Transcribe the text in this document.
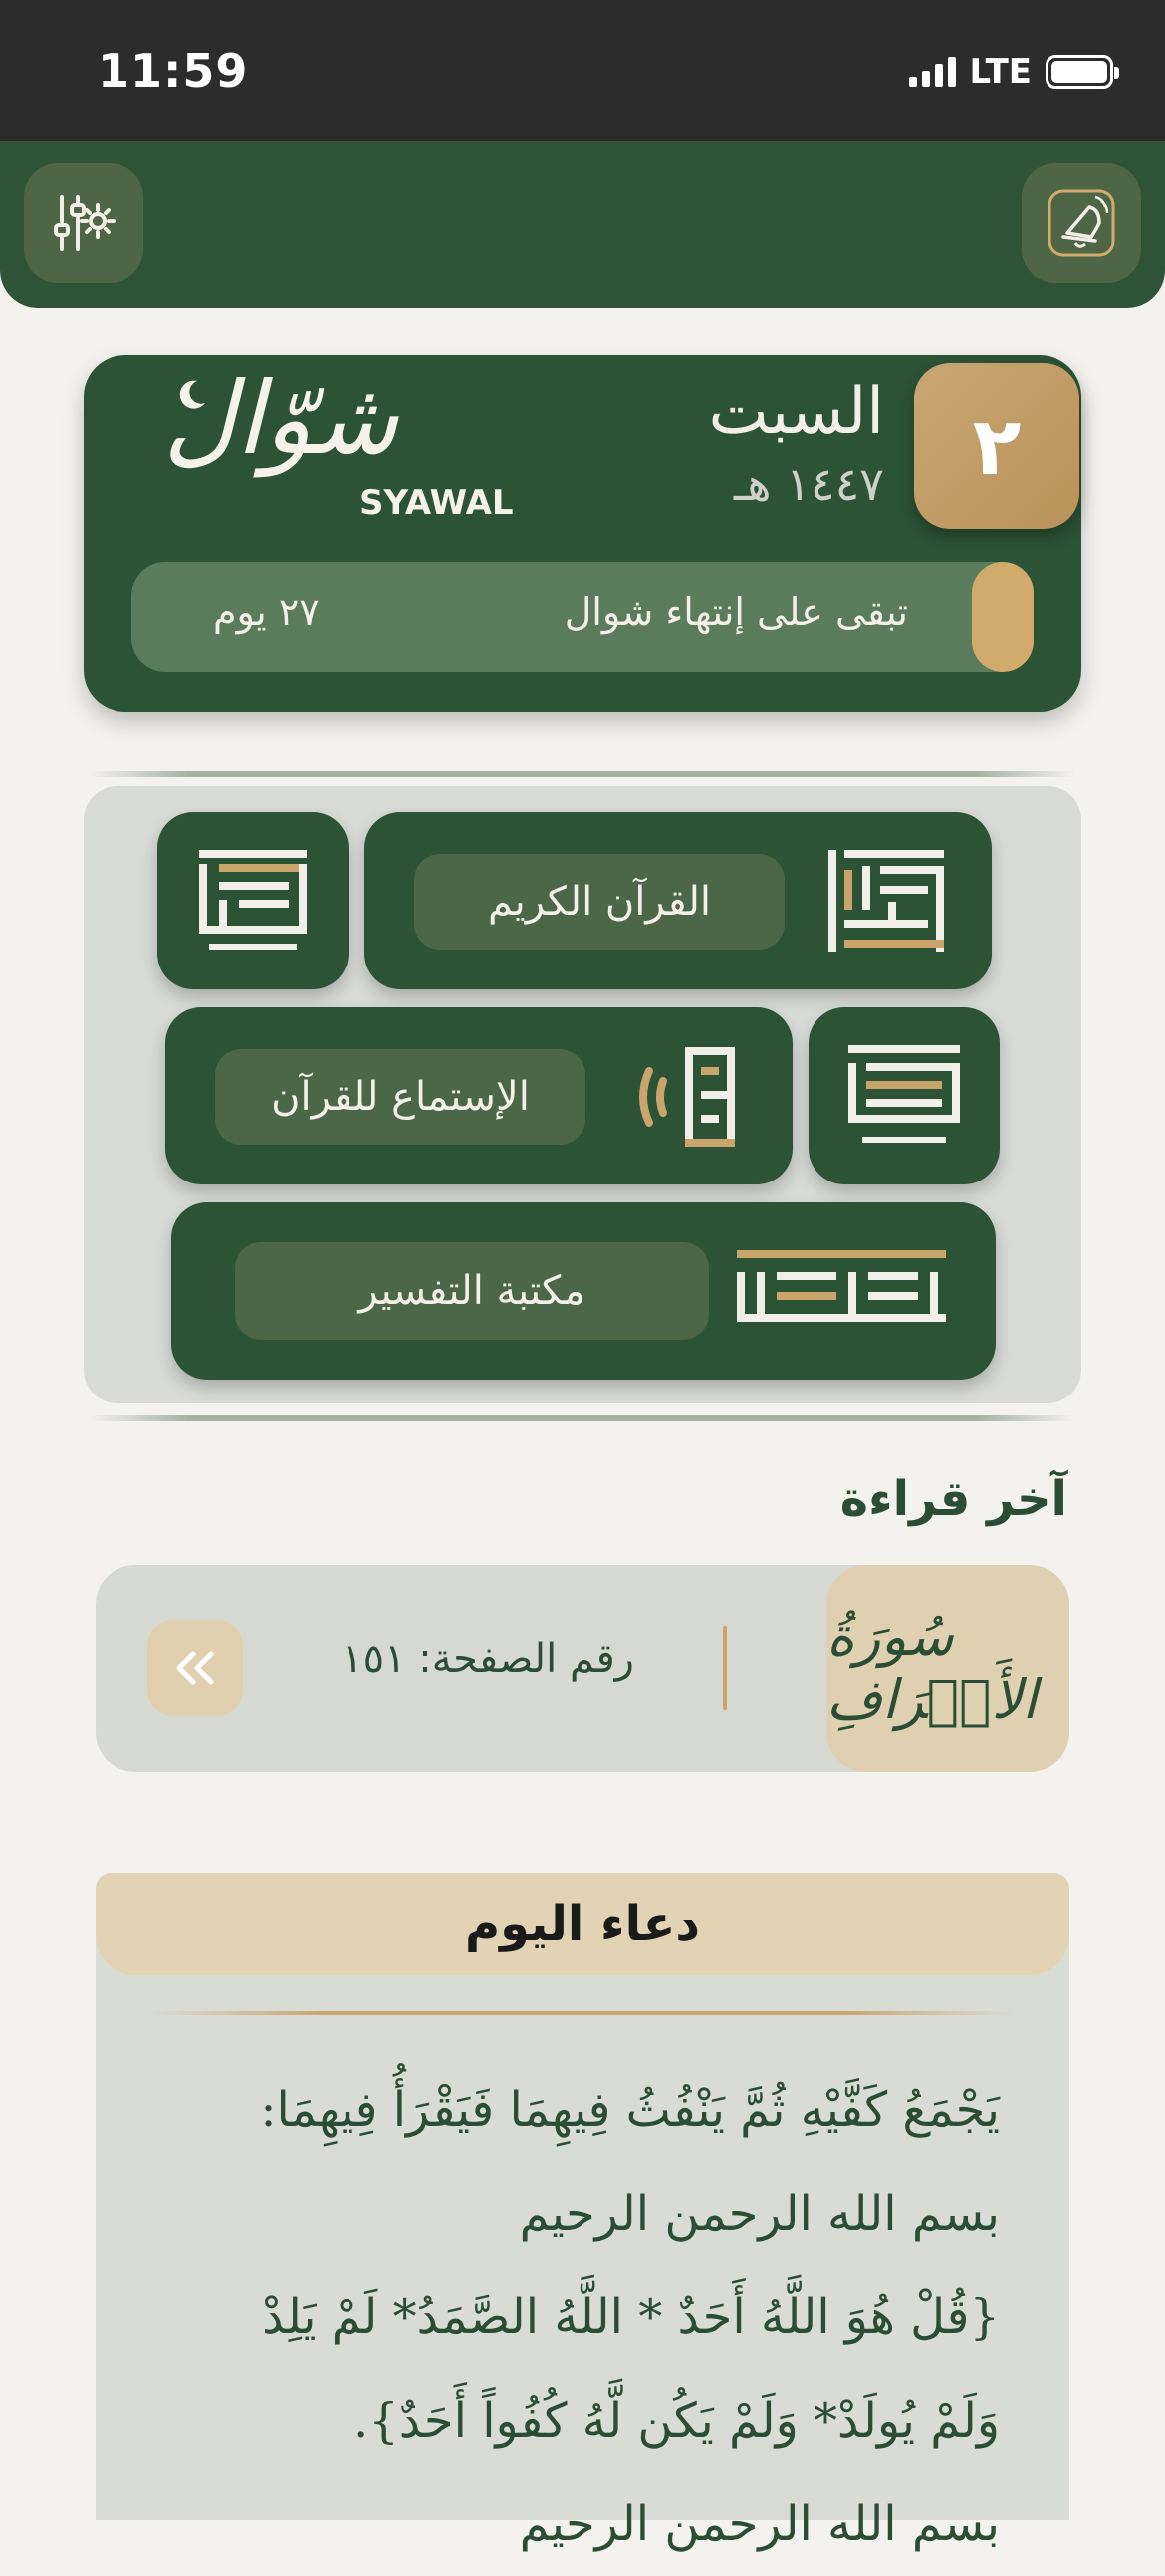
11:59	LTE
٢
السبت
١٤٤٧ هـ
شوّال
SYAWAL
تبقى على إنتهاء شوال
٢٧ يوم
القرآن الكريم
الإستماع للقرآن
مكتبة التفسير
آخر قراءة
سُورَةُ الأَعۡرَافِ
رقم الصفحة: ١٥١
دعاء اليوم
يَجْمَعُ كَفَّيْهِ ثُمَّ يَنْفُثُ فِيهِمَا فَيَقْرَأُ فِيهِمَا:
بسم الله الرحمن الرحيم
{قُلْ هُوَ اللَّهُ أَحَدٌ * اللَّهُ الصَّمَدُ* لَمْ يَلِدْ
وَلَمْ يُولَدْ* وَلَمْ يَكُن لَّهُ كُفُواً أَحَدٌ}.
بسم الله الرحمن الرحيم
